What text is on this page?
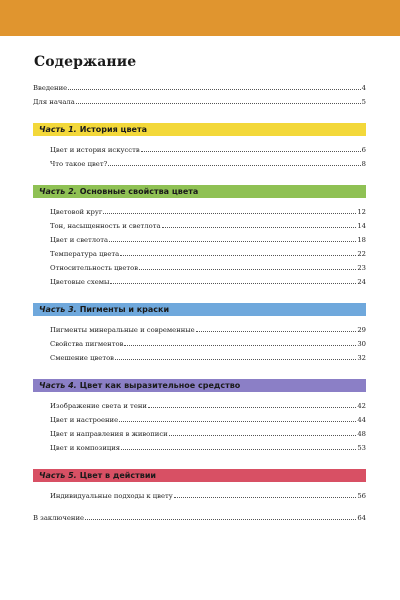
Содержание
Введение	4
Для начала	5
Часть 1. История цвета
Цвет и история искусств	6
Что такое цвет?	8
Часть 2. Основные свойства цвета
Цветовой круг	12
Тон, насыщенность и светлота	14
Цвет и светлота	18
Температура цвета	22
Относительность цветов	23
Цветовые схемы	24
Часть 3. Пигменты и краски
Пигменты минеральные и современные	29
Свойства пигментов	30
Смешение цветов	32
Часть 4. Цвет как выразительное средство
Изображение света и тени	42
Цвет и настроение	44
Цвет и направления в живописи	48
Цвет и композиция	53
Часть 5. Цвет в действии
Индивидуальные подходы к цвету	56
В заключение	64
